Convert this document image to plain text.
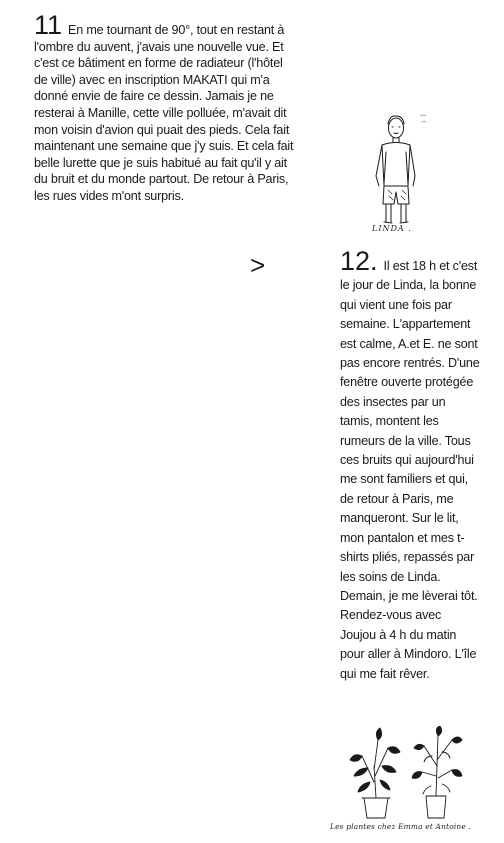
11 En me tournant de 90°, tout en restant à l'ombre du auvent, j'avais une nouvelle vue. Et c'est ce bâtiment en forme de radiateur (l'hôtel de ville) avec en inscription MAKATI qui m'a donné envie de faire ce dessin. Jamais je ne resterai à Manille, cette ville polluée, m'avait dit mon voisin d'avion qui puait des pieds. Cela fait maintenant une semaine que j'y suis. Et cela fait belle lurette que je suis habitué au fait qu'il y ait du bruit et du monde partout. De retour à Paris, les rues vides m'ont surpris.
>
LINDA .
12. Il est 18 h et c'est le jour de Linda, la bonne qui vient une fois par semaine. L'appartement est calme, A.et E. ne sont pas encore rentrés. D'une fenêtre ouverte protégée des insectes par un tamis, montent les rumeurs de la ville. Tous ces bruits qui aujourd'hui me sont familiers et qui, de retour à Paris, me manqueront. Sur le lit, mon pantalon et mes t-shirts pliés, repassés par les soins de Linda. Demain, je me lèverai tôt. Rendez-vous avec Joujou à 4 h du matin pour aller à Mindoro. L'île qui me fait rêver.
Les plantes chez Emma et Antoine .
